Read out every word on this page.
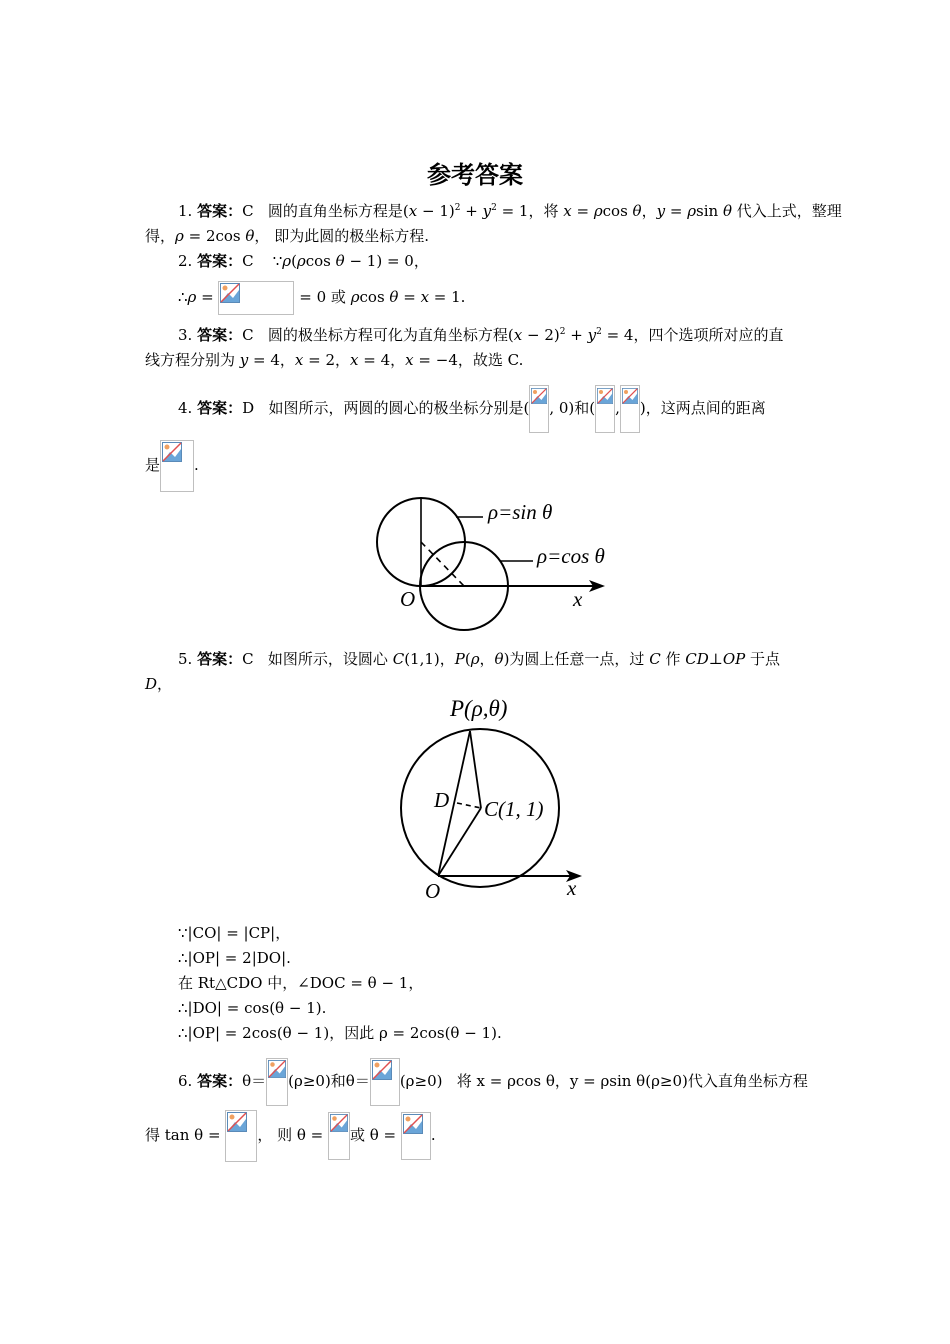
参考答案
1. 答案：C 圆的直角坐标方程是$(x - 1)^2 + y^2 = 1$，将 x = ρcos θ，y = ρsin θ 代入上式，整理
得，ρ = 2cos θ， 即为此圆的极坐标方程.
2. 答案：C ∵ρ(ρcos θ − 1) = 0，
∴ρ =	= 0 或 ρcos θ = x = 1.
3. 答案：C 圆的极坐标方程可化为直角坐标方程$(x - 2)^2 + y^2 = 4$，四个选项所对应的直
线方程分别为 y = 4，x = 2，x = 4，x = −4，故选 C.
4. 答案：D 如图所示，两圆的圆心的极坐标分别是( , 0)和( , )，这两点间的距离
是 .
ρ=sin θ
ρ=cos θ
O	x
5. 答案：C 如图所示，设圆心 C(1,1)，P(ρ，θ)为圆上任意一点，过 C 作 CD⊥OP 于点
D，
P(ρ,θ)
D C(1, 1)
O	x
∵|CO| = |CP|，
∴|OP| = 2|DO|.
在 Rt△CDO 中，∠DOC = θ − 1，
∴|DO| = cos(θ − 1).
∴|OP| = 2cos(θ − 1)，因此 ρ = 2cos(θ − 1).
6. 答案：θ＝ (ρ≥0)和θ＝ (ρ≥0) 将 x = ρcos θ，y = ρsin θ(ρ≥0)代入直角坐标方程
得 tan θ =
， 则 θ =
或 θ =
.
